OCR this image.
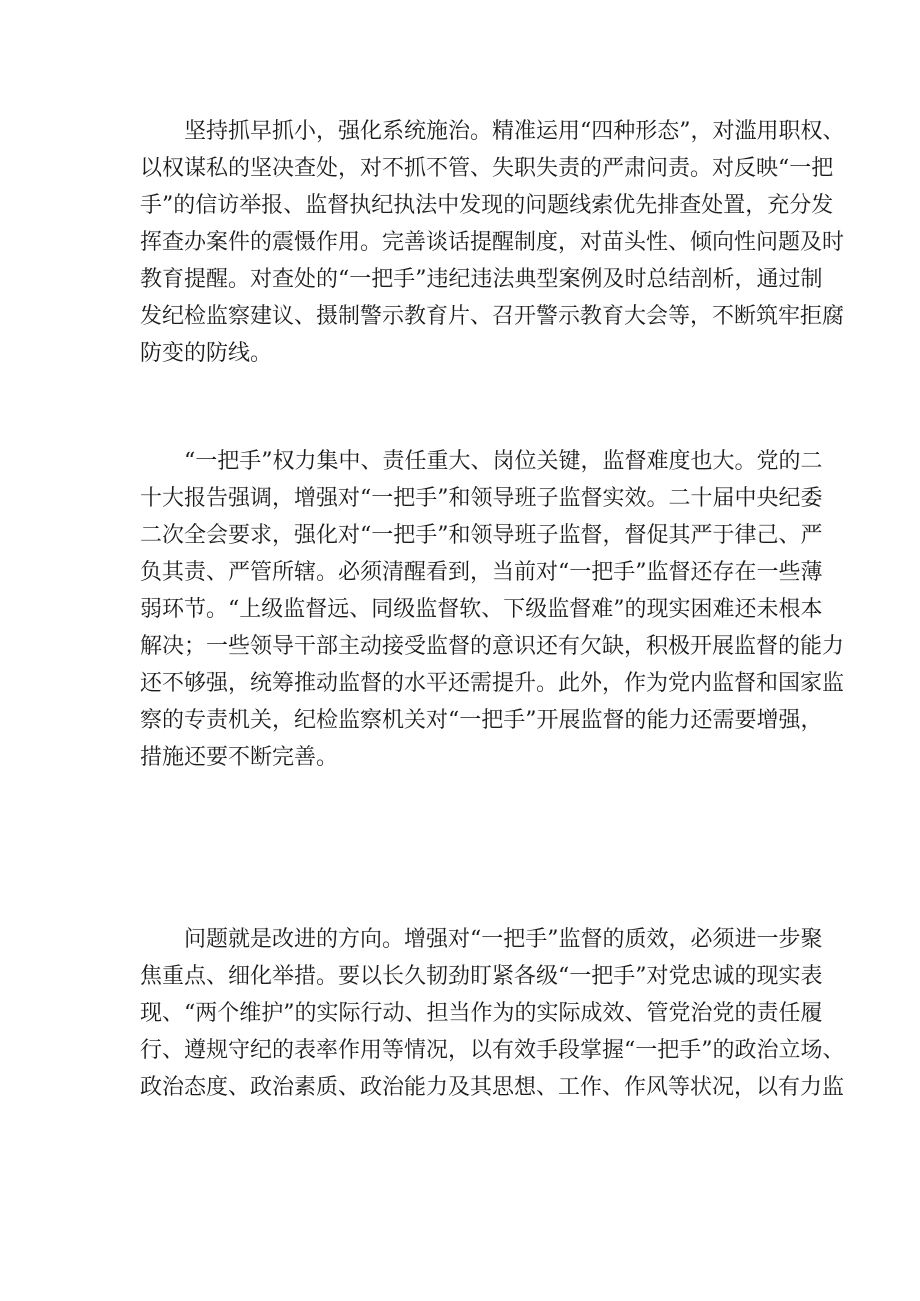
　　坚持抓早抓小，强化系统施治。精准运用“四种形态”，对滥用职权、
以权谋私的坚决查处，对不抓不管、失职失责的严肃问责。对反映“一把
手”的信访举报、监督执纪执法中发现的问题线索优先排查处置，充分发
挥查办案件的震慑作用。完善谈话提醒制度，对苗头性、倾向性问题及时
教育提醒。对查处的“一把手”违纪违法典型案例及时总结剖析，通过制
发纪检监察建议、摄制警示教育片、召开警示教育大会等，不断筑牢拒腐
防变的防线。
　　“一把手”权力集中、责任重大、岗位关键，监督难度也大。党的二
十大报告强调，增强对“一把手”和领导班子监督实效。二十届中央纪委
二次全会要求，强化对“一把手”和领导班子监督，督促其严于律己、严
负其责、严管所辖。必须清醒看到，当前对“一把手”监督还存在一些薄
弱环节。“上级监督远、同级监督软、下级监督难”的现实困难还未根本
解决；一些领导干部主动接受监督的意识还有欠缺，积极开展监督的能力
还不够强，统筹推动监督的水平还需提升。此外，作为党内监督和国家监
察的专责机关，纪检监察机关对“一把手”开展监督的能力还需要增强，
措施还要不断完善。
　　问题就是改进的方向。增强对“一把手”监督的质效，必须进一步聚
焦重点、细化举措。要以长久韧劲盯紧各级“一把手”对党忠诚的现实表
现、“两个维护”的实际行动、担当作为的实际成效、管党治党的责任履
行、遵规守纪的表率作用等情况，以有效手段掌握“一把手”的政治立场、
政治态度、政治素质、政治能力及其思想、工作、作风等状况，以有力监
